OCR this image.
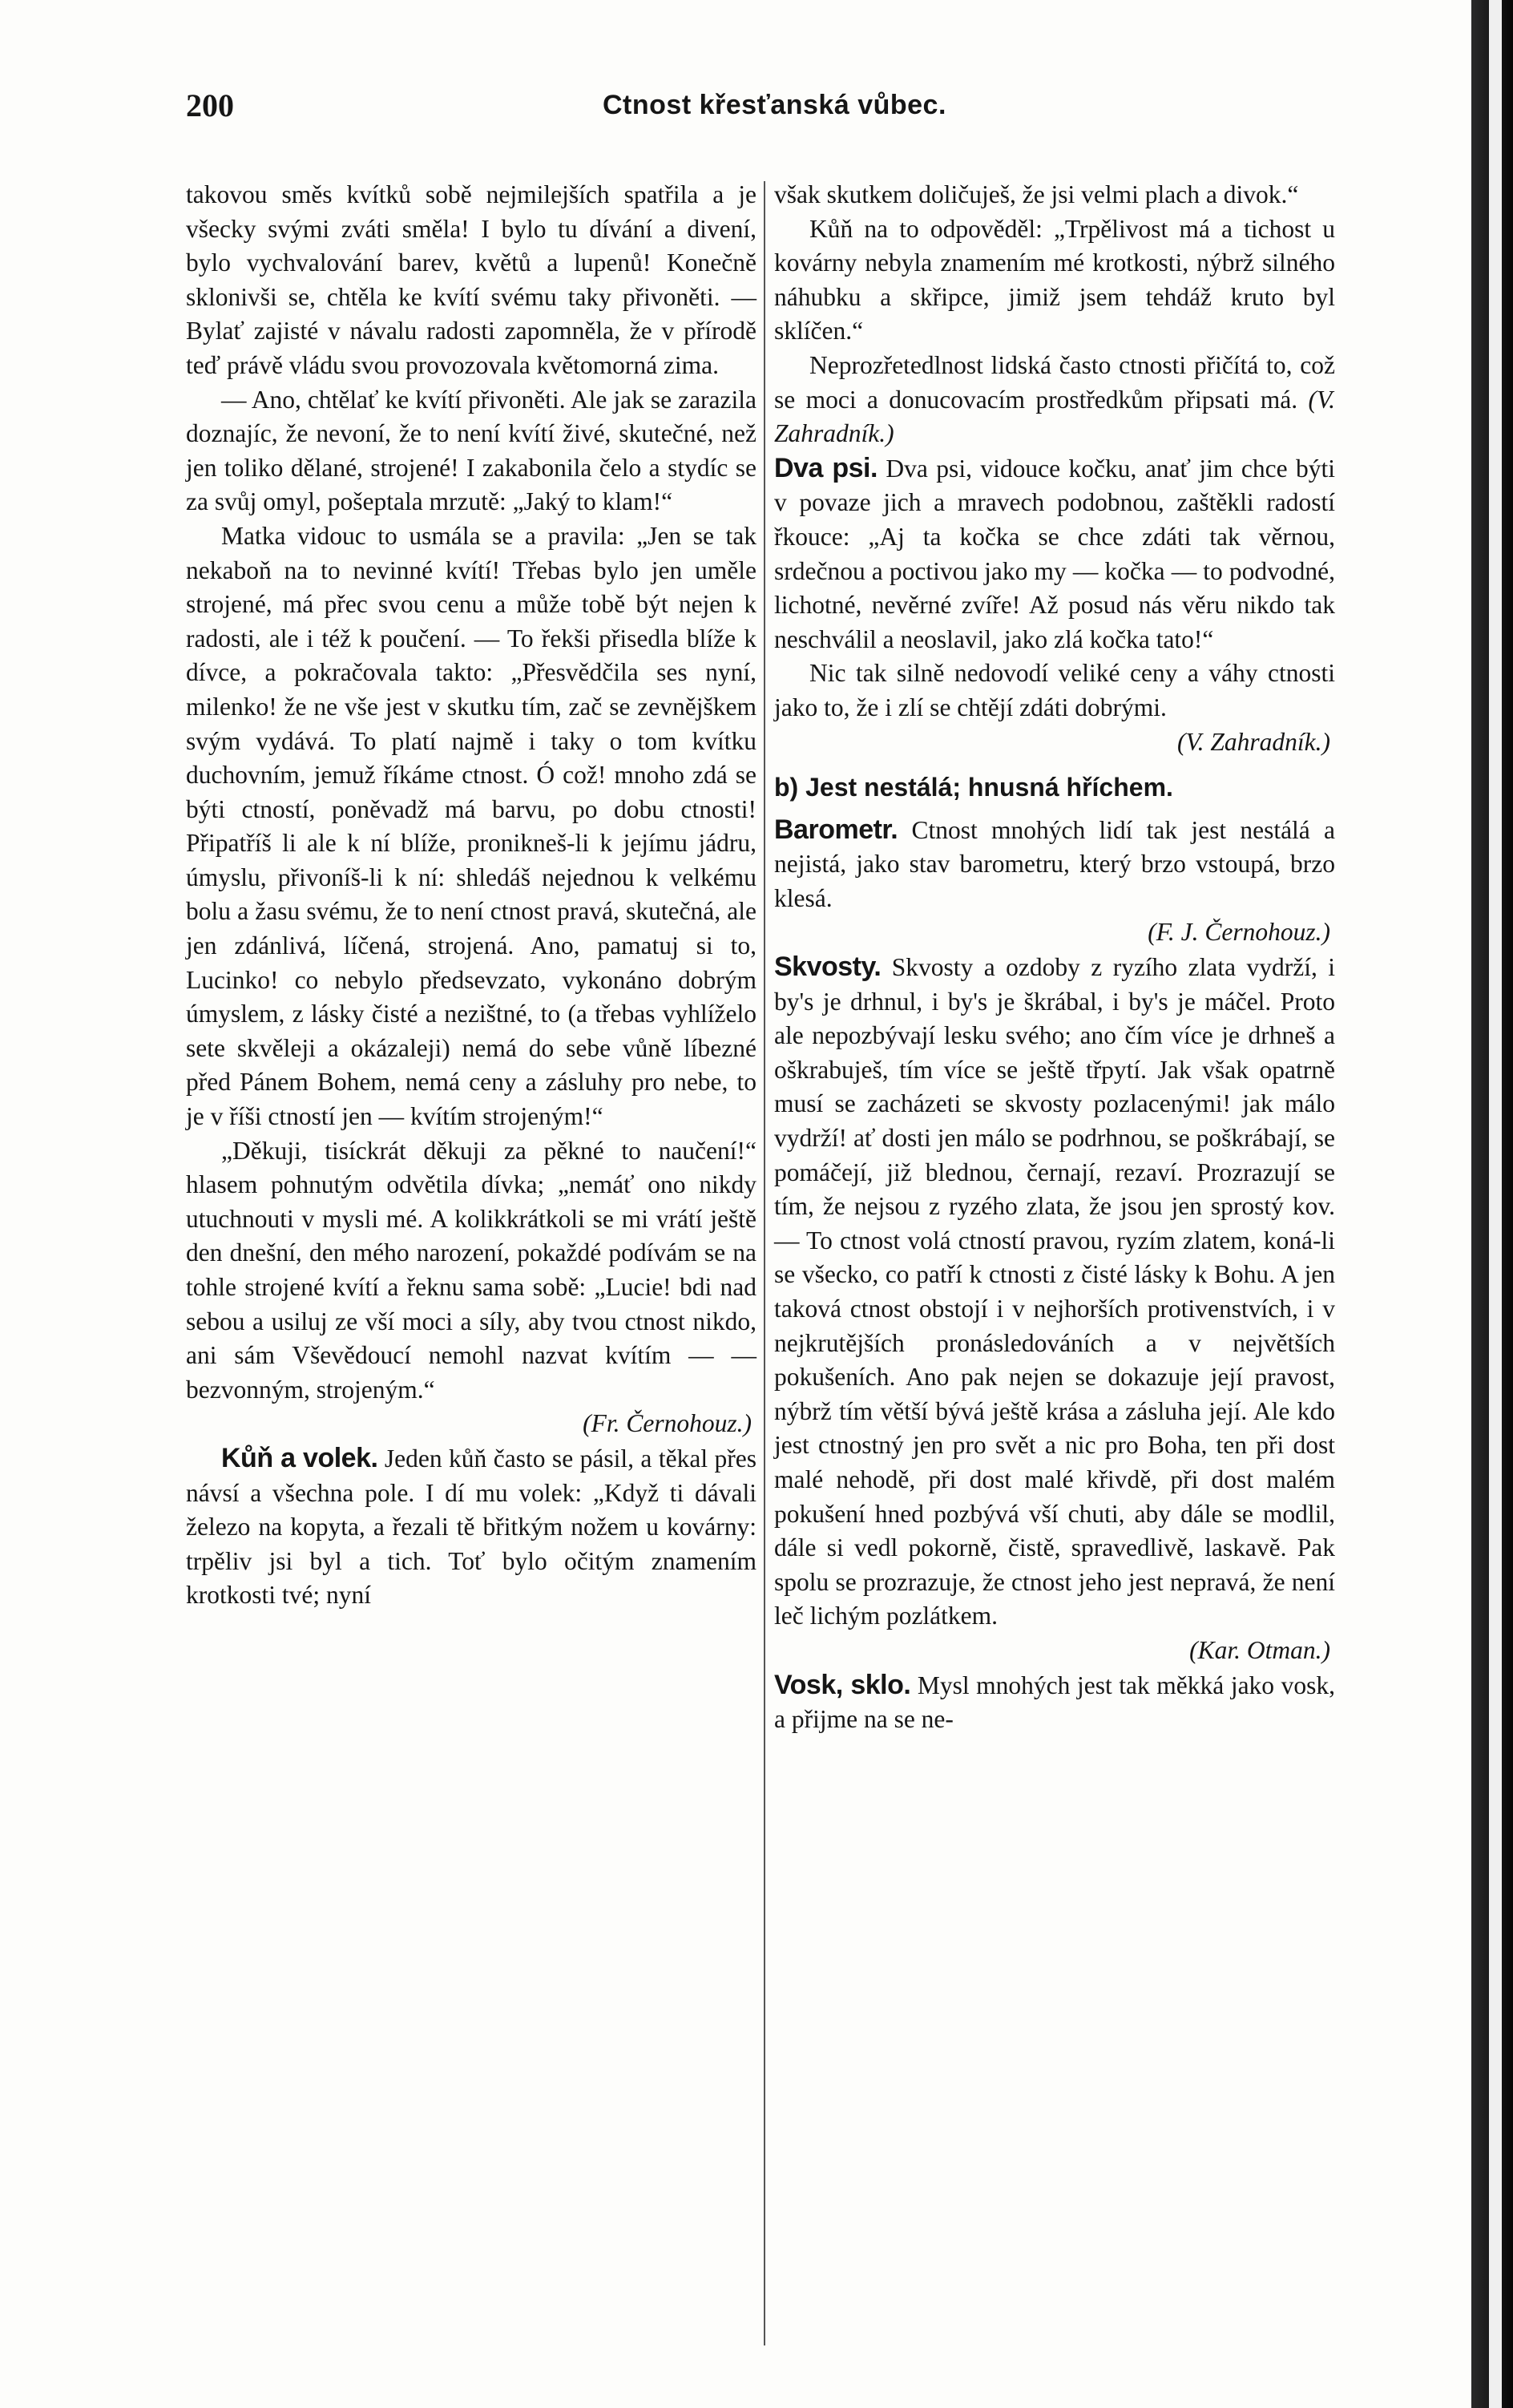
200	Ctnost křesťanská vůbec.

takovou směs kvítků sobě nejmilejších spatřila a je všecky svými zváti směla! I bylo tu dívání a divení, bylo vychvalování barev, květů a lupenů! Konečně sklonivši se, chtěla ke kvítí svému taky přivoněti. — Bylať zajisté v návalu radosti zapomněla, že v přírodě teď právě vládu svou provozovala květomorná zima.

— Ano, chtělať ke kvítí přivoněti. Ale jak se zarazila doznajíc, že nevoní, že to není kvítí živé, skutečné, než jen toliko dělané, strojené! I zakabonila čelo a stydíc se za svůj omyl, pošeptala mrzutě: „Jaký to klam!“

Matka vidouc to usmála se a pravila: „Jen se tak nekaboň na to nevinné kvítí! Třebas bylo jen uměle strojené, má přec svou cenu a může tobě být nejen k radosti, ale i též k poučení. — To řekši přisedla blíže k dívce, a pokračovala takto: „Přesvědčila ses nyní, milenko! že ne vše jest v skutku tím, zač se zevnějškem svým vydává. To platí najmě i taky o tom kvítku duchovním, jemuž říkáme ctnost. Ó což! mnoho zdá se býti ctností, poněvadž má barvu, po dobu ctnosti! Připatříš li ale k ní blíže, pronikneš-li k jejímu jádru, úmyslu, přivoníš-li k ní: shledáš nejednou k velkému bolu a žasu svému, že to není ctnost pravá, skutečná, ale jen zdánlivá, líčená, strojená. Ano, pamatuj si to, Lucinko! co nebylo předsevzato, vykonáno dobrým úmyslem, z lásky čisté a nezištné, to (a třebas vyhlíželo sete skvěleji a okázaleji) nemá do sebe vůně líbezné před Pánem Bohem, nemá ceny a zásluhy pro nebe, to je v říši ctností jen — kvítím strojeným!“

„Děkuji, tisíckrát děkuji za pěkné to naučení!“ hlasem pohnutým odvětila dívka; „nemáť ono nikdy utuchnouti v mysli mé. A kolikkrátkoli se mi vrátí ještě den dnešní, den mého narození, pokaždé podívám se na tohle strojené kvítí a řeknu sama sobě: „Lucie! bdi nad sebou a usiluj ze vší moci a síly, aby tvou ctnost nikdo, ani sám Vševědoucí nemohl nazvat kvítím — — bezvonným, strojeným.“

(Fr. Černohouz.)

Kůň a volek. Jeden kůň často se pásil, a těkal přes návsí a všechna pole. I dí mu volek: „Když ti dávali železo na kopyta, a řezali tě břitkým nožem u kovárny: trpěliv jsi byl a tich. Toť bylo očitým znamením krotkosti tvé; nyní

však skutkem doličuješ, že jsi velmi plach a divok.“

Kůň na to odpověděl: „Trpělivost má a tichost u kovárny nebyla znamením mé krotkosti, nýbrž silného náhubku a skřipce, jimiž jsem tehdáž kruto byl sklíčen.“

Neprozřetedlnost lidská často ctnosti přičítá to, což se moci a donucovacím prostředkům připsati má. (V. Zahradník.)

Dva psi. Dva psi, vidouce kočku, anať jim chce býti v povaze jich a mravech podobnou, zaštěkli radostí řkouce: „Aj ta kočka se chce zdáti tak věrnou, srdečnou a poctivou jako my — kočka — to podvodné, lichotné, nevěrné zvíře! Až posud nás věru nikdo tak neschválil a neoslavil, jako zlá kočka tato!“

Nic tak silně nedovodí veliké ceny a váhy ctnosti jako to, že i zlí se chtějí zdáti dobrými.

(V. Zahradník.)
b) Jest nestálá; hnusná hříchem.

Barometr. Ctnost mnohých lidí tak jest nestálá a nejistá, jako stav barometru, který brzo vstoupá, brzo klesá.

(F. J. Černohouz.)

Skvosty. Skvosty a ozdoby z ryzího zlata vydrží, i by's je drhnul, i by's je škrábal, i by's je máčel. Proto ale nepozbývají lesku svého; ano čím více je drhneš a oškrabuješ, tím více se ještě třpytí. Jak však opatrně musí se zacházeti se skvosty pozlacenými! jak málo vydrží! ať dosti jen málo se podrhnou, se poškrábají, se pomáčejí, již blednou, černají, rezaví. Prozrazují se tím, že nejsou z ryzého zlata, že jsou jen sprostý kov. — To ctnost volá ctností pravou, ryzím zlatem, koná-li se všecko, co patří k ctnosti z čisté lásky k Bohu. A jen taková ctnost obstojí i v nejhorších protivenstvích, i v nejkrutějších pronásledováních a v největších pokušeních. Ano pak nejen se dokazuje její pravost, nýbrž tím větší bývá ještě krása a zásluha její. Ale kdo jest ctnostný jen pro svět a nic pro Boha, ten při dost malé nehodě, při dost malé křivdě, při dost malém pokušení hned pozbývá vší chuti, aby dále se modlil, dále si vedl pokorně, čistě, spravedlivě, laskavě. Pak spolu se prozrazuje, že ctnost jeho jest nepravá, že není leč lichým pozlátkem.

(Kar. Otman.)

Vosk, sklo. Mysl mnohých jest tak měkká jako vosk, a přijme na se ne-
